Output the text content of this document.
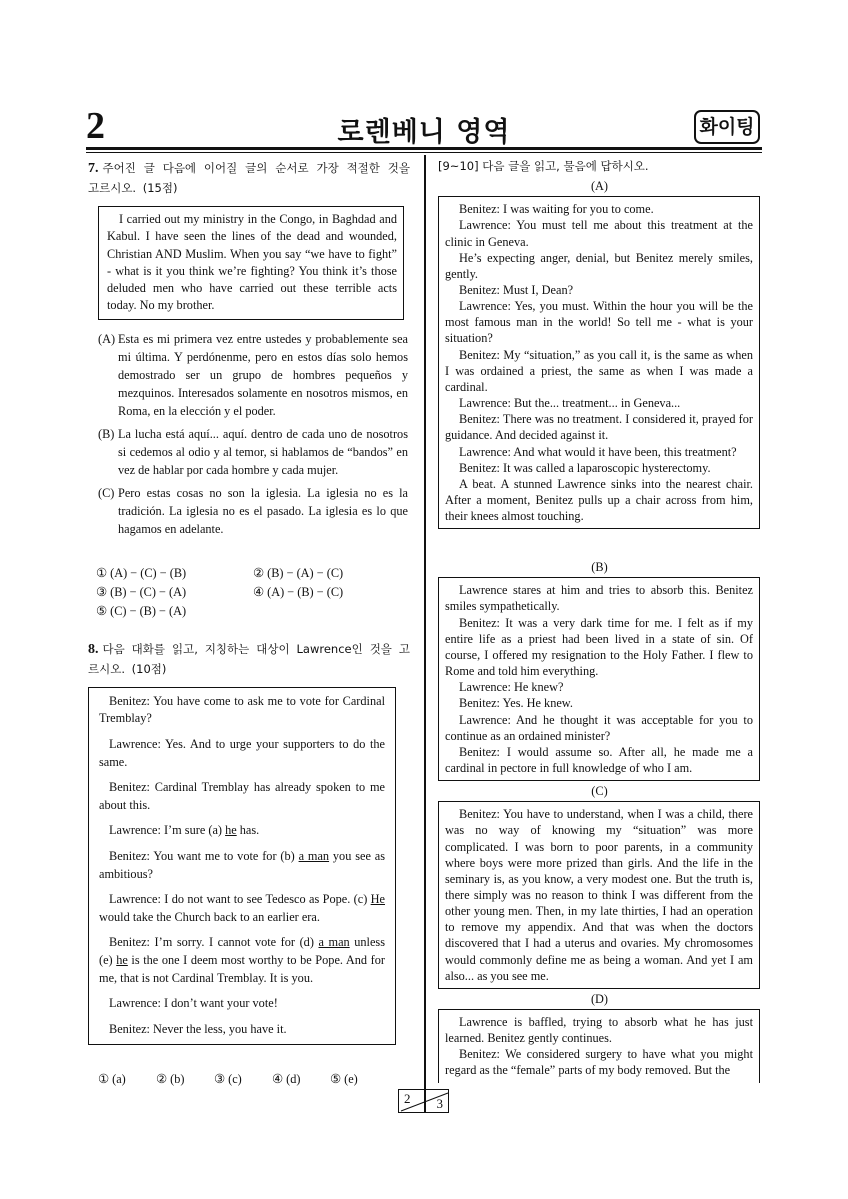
2	로렌베니 영역	화이팅
7. 주어진 글 다음에 이어질 글의 순서로 가장 적절한 것을 고르시오. (15점)

I carried out my ministry in the Congo, in Baghdad and Kabul. I have seen the lines of the dead and wounded, Christian AND Muslim. When you say “we have to fight” - what is it you think we’re fighting? You think it’s those deluded men who have carried out these terrible acts today. No my brother.

(A) Esta es mi primera vez entre ustedes y probablemente sea mi última. Y perdónenme, pero en estos días solo hemos demostrado ser un grupo de hombres pequeños y mezquinos. Interesados solamente en nosotros mismos, en Roma, en la elección y el poder.
(B) La lucha está aquí... aquí. dentro de cada uno de nosotros si cedemos al odio y al temor, si hablamos de “bandos” en vez de hablar por cada hombre y cada mujer.
(C) Pero estas cosas no son la iglesia. La iglesia no es la tradición. La iglesia no es el pasado. La iglesia es lo que hagamos en adelante.
① (A) − (C) − (B)	② (B) − (A) − (C)
③ (B) − (C) − (A)	④ (A) − (B) − (C)
⑤ (C) − (B) − (A)
8. 다음 대화를 읽고, 지칭하는 대상이 Lawrence인 것을 고르시오. (10점)

Benitez: You have come to ask me to vote for Cardinal Tremblay?

Lawrence: Yes. And to urge your supporters to do the same.

Benitez: Cardinal Tremblay has already spoken to me about this.

Lawrence: I’m sure (a) he has.

Benitez: You want me to vote for (b) a man you see as ambitious?

Lawrence: I do not want to see Tedesco as Pope. (c) He would take the Church back to an earlier era.

Benitez: I’m sorry. I cannot vote for (d) a man unless (e) he is the one I deem most worthy to be Pope. And for me, that is not Cardinal Tremblay. It is you.

Lawrence: I don’t want your vote!

Benitez: Never the less, you have it.

① (a) ② (b) ③ (c) ④ (d) ⑤ (e)
[9~10] 다음 글을 읽고, 물음에 답하시오.
(A)

Benitez: I was waiting for you to come.

Lawrence: You must tell me about this treatment at the clinic in Geneva.

He’s expecting anger, denial, but Benitez merely smiles, gently.

Benitez: Must I, Dean?

Lawrence: Yes, you must. Within the hour you will be the most famous man in the world! So tell me - what is your situation?

Benitez: My “situation,” as you call it, is the same as when I was ordained a priest, the same as when I was made a cardinal.

Lawrence: But the... treatment... in Geneva...

Benitez: There was no treatment. I considered it, prayed for guidance. And decided against it.

Lawrence: And what would it have been, this treatment?

Benitez: It was called a laparoscopic hysterectomy.

A beat. A stunned Lawrence sinks into the nearest chair. After a moment, Benitez pulls up a chair across from him, their knees almost touching.

(B)

Lawrence stares at him and tries to absorb this. Benitez smiles sympathetically.

Benitez: It was a very dark time for me. I felt as if my entire life as a priest had been lived in a state of sin. Of course, I offered my resignation to the Holy Father. I flew to Rome and told him everything.

Lawrence: He knew?

Benitez: Yes. He knew.

Lawrence: And he thought it was acceptable for you to continue as an ordained minister?

Benitez: I would assume so. After all, he made me a cardinal in pectore in full knowledge of who I am.

(C)

Benitez: You have to understand, when I was a child, there was no way of knowing my “situation” was more complicated. I was born to poor parents, in a community where boys were more prized than girls. And the life in the seminary is, as you know, a very modest one. But the truth is, there simply was no reason to think I was different from the other young men. Then, in my late thirties, I had an operation to remove my appendix. And that was when the doctors discovered that I had a uterus and ovaries. My chromosomes would commonly define me as being a woman. And yet I am also... as you see me.

(D)

Lawrence is baffled, trying to absorb what he has just learned. Benitez gently continues.

Benitez: We considered surgery to have what you might regard as the “female” parts of my body removed. But the

2 3
